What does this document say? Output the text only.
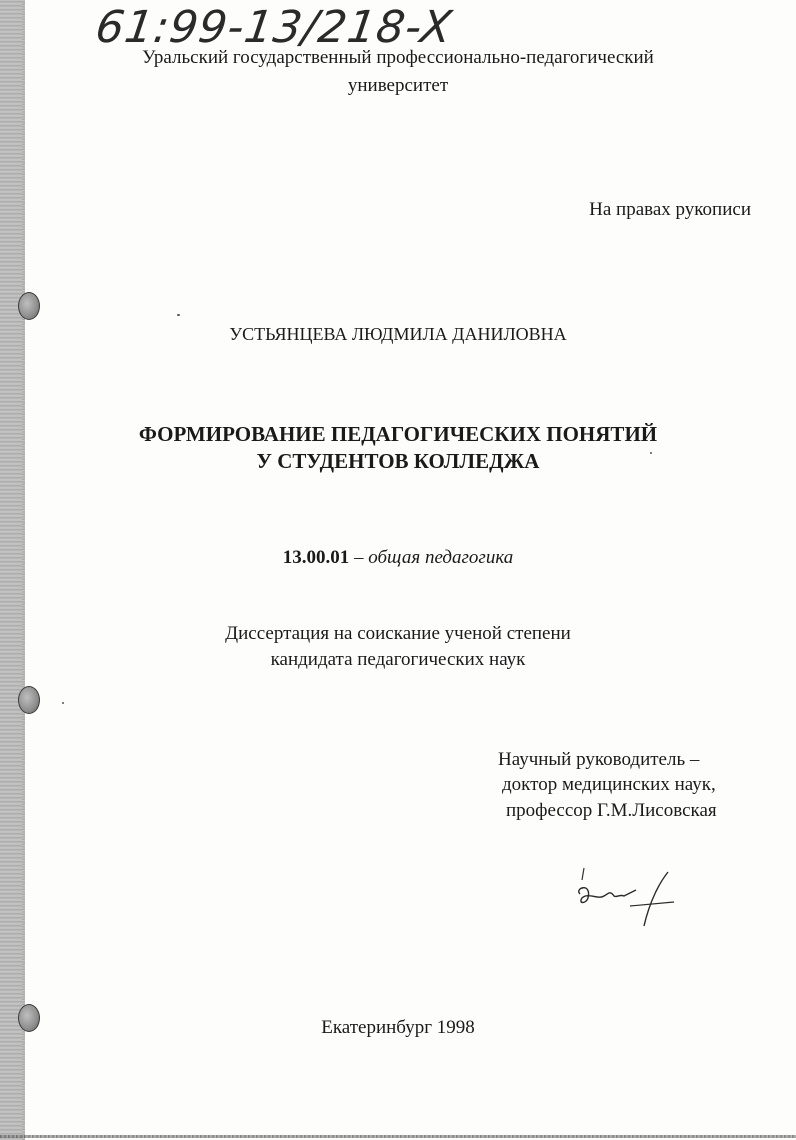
61:99-13/218-X
Уральский государственный профессионально-педагогический
университет
На правах рукописи
УСТЬЯНЦЕВА ЛЮДМИЛА ДАНИЛОВНА
ФОРМИРОВАНИЕ ПЕДАГОГИЧЕСКИХ ПОНЯТИЙ
У СТУДЕНТОВ КОЛЛЕДЖА
13.00.01 – общая педагогика
Диссертация на соискание ученой степени
кандидата педагогических наук
Научный руководитель –
доктор медицинских наук,
профессор Г.М.Лисовская
Екатеринбург 1998
